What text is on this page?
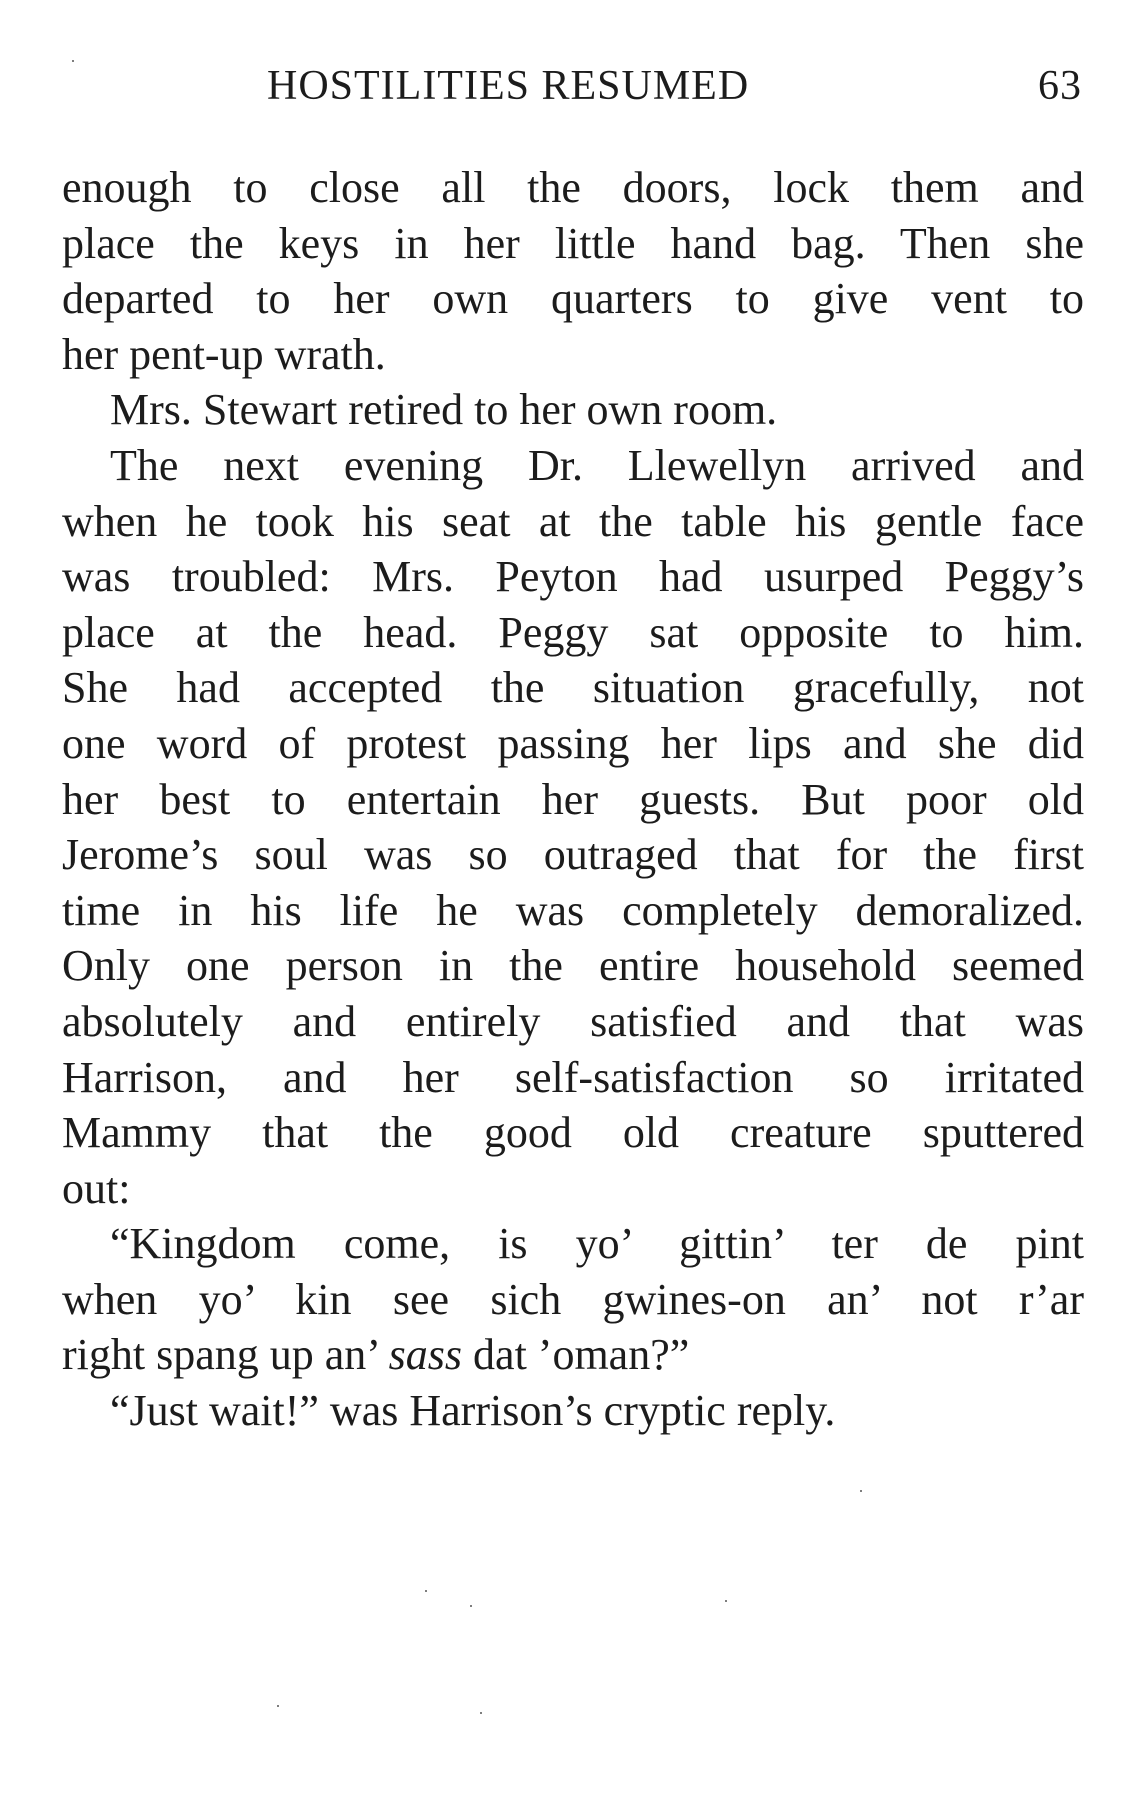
HOSTILITIES RESUMED	63
enough to close all the doors, lock them and
place the keys in her little hand bag. Then she
departed to her own quarters to give vent to
her pent-up wrath.
Mrs. Stewart retired to her own room.
The next evening Dr. Llewellyn arrived and
when he took his seat at the table his gentle face
was troubled: Mrs. Peyton had usurped Peggy’s
place at the head. Peggy sat opposite to him.
She had accepted the situation gracefully, not
one word of protest passing her lips and she did
her best to entertain her guests. But poor old
Jerome’s soul was so outraged that for the first
time in his life he was completely demoralized.
Only one person in the entire household seemed
absolutely and entirely satisfied and that was
Harrison, and her self-satisfaction so irritated
Mammy that the good old creature sputtered
out:
“Kingdom come, is yo’ gittin’ ter de pint
when yo’ kin see sich gwines-on an’ not r’ar
right spang up an’ sass dat ’oman?”
“Just wait!” was Harrison’s cryptic reply.
